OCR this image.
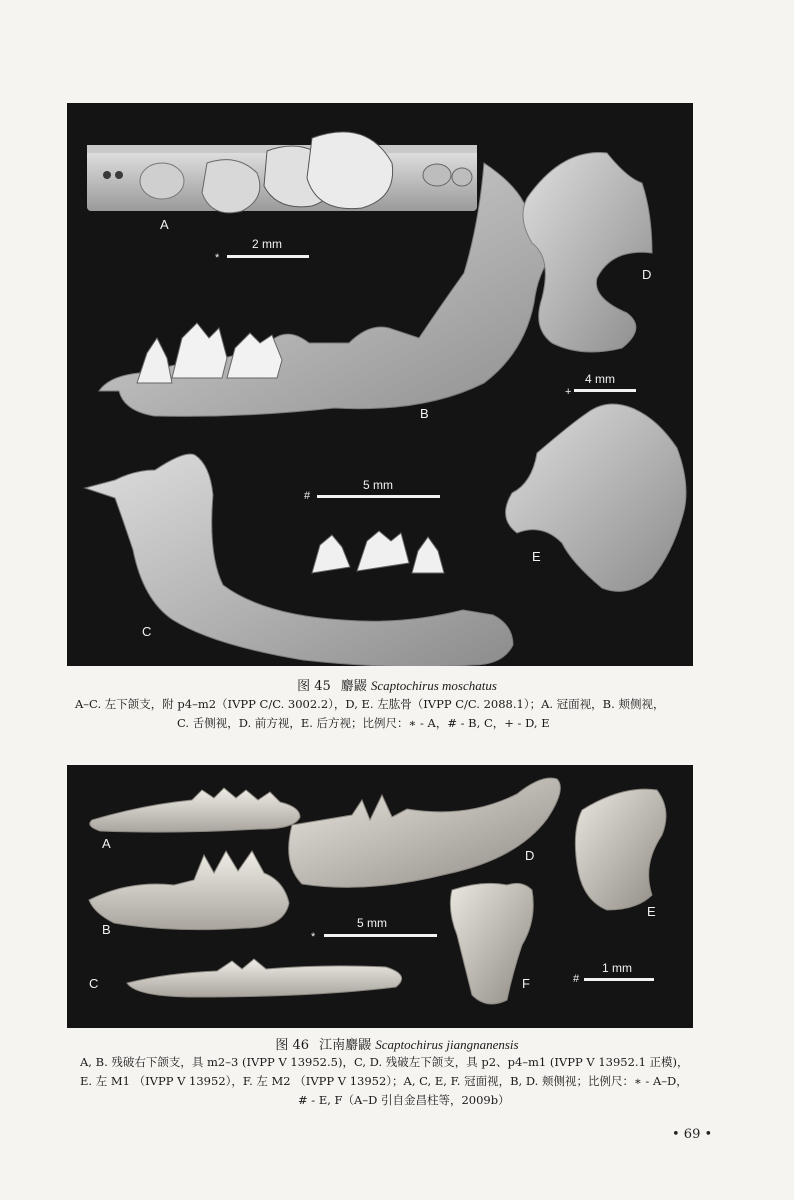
A
B
C
D
E
*
2 mm
+
4 mm
#
5 mm
图 45 麝鼹 Scaptochirus moschatus
A–C. 左下颌支，附 p4–m2（IVPP C/C. 3002.2），D, E. 左肱骨（IVPP C/C. 2088.1）；A. 冠面视，B. 颊侧视，
C. 舌侧视，D. 前方视，E. 后方视；比例尺：∗ - A，# - B, C，+ - D, E
A
B
C
D
E
F
*
5 mm
#
1 mm
图 46 江南麝鼹 Scaptochirus jiangnanensis
A, B. 残破右下颌支，具 m2–3 (IVPP V 13952.5)，C, D. 残破左下颌支，具 p2、p4–m1 (IVPP V 13952.1 正模)，
E. 左 M1 （IVPP V 13952），F. 左 M2 （IVPP V 13952）；A, C, E, F. 冠面视，B, D. 颊侧视；比例尺：∗ - A–D，
# - E, F（A–D 引自金昌柱等，2009b）
• 69 •
